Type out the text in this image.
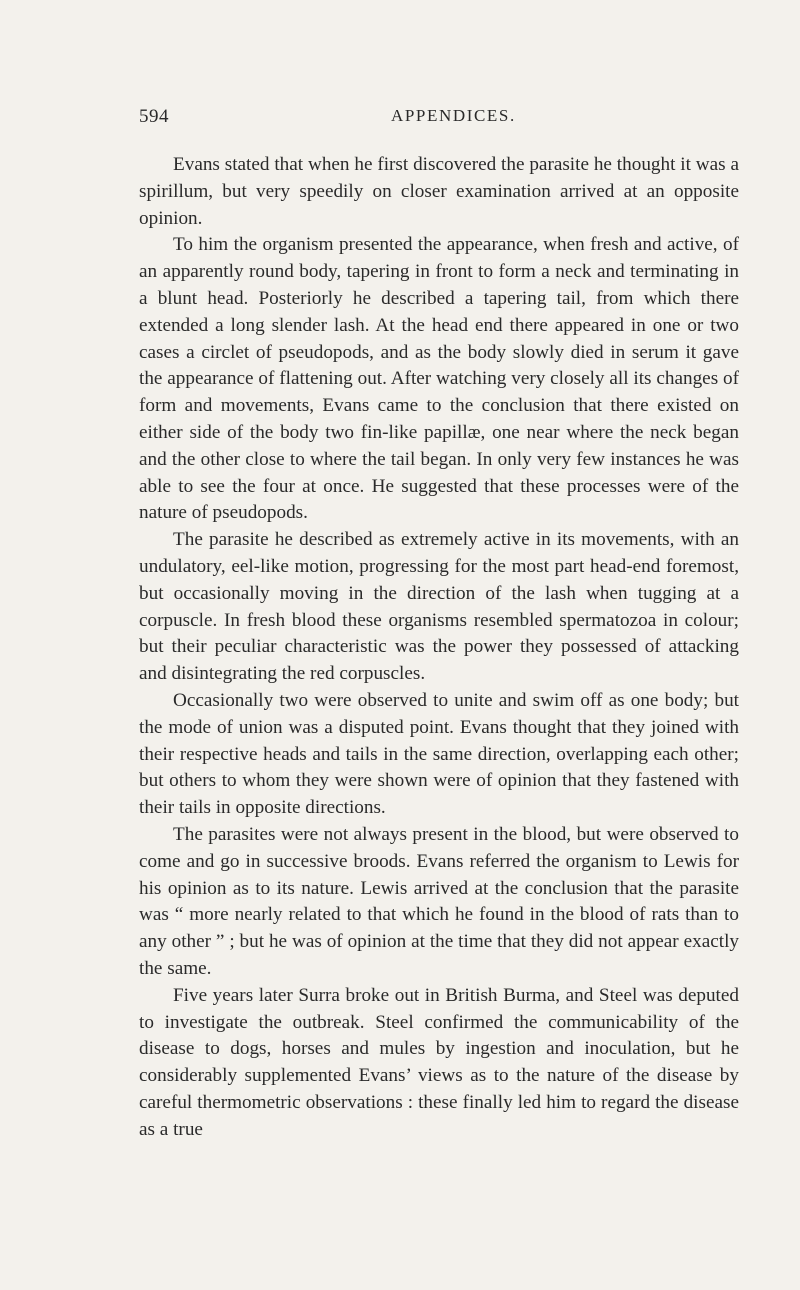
594	APPENDICES.

Evans stated that when he first discovered the parasite he thought it was a spirillum, but very speedily on closer examination arrived at an opposite opinion.

To him the organism presented the appearance, when fresh and active, of an apparently round body, tapering in front to form a neck and terminating in a blunt head. Posteriorly he described a tapering tail, from which there extended a long slender lash. At the head end there appeared in one or two cases a circlet of pseudopods, and as the body slowly died in serum it gave the appearance of flattening out. After watching very closely all its changes of form and movements, Evans came to the conclusion that there existed on either side of the body two fin-like papillæ, one near where the neck began and the other close to where the tail began. In only very few instances he was able to see the four at once. He suggested that these processes were of the nature of pseudopods.

The parasite he described as extremely active in its movements, with an undulatory, eel-like motion, progressing for the most part head-end foremost, but occasionally moving in the direction of the lash when tugging at a corpuscle. In fresh blood these organisms resembled spermatozoa in colour; but their peculiar characteristic was the power they possessed of attacking and disintegrating the red corpuscles.

Occasionally two were observed to unite and swim off as one body; but the mode of union was a disputed point. Evans thought that they joined with their respective heads and tails in the same direction, overlapping each other; but others to whom they were shown were of opinion that they fastened with their tails in opposite directions.

The parasites were not always present in the blood, but were observed to come and go in successive broods. Evans referred the organism to Lewis for his opinion as to its nature. Lewis arrived at the conclusion that the parasite was “ more nearly related to that which he found in the blood of rats than to any other ” ; but he was of opinion at the time that they did not appear exactly the same.

Five years later Surra broke out in British Burma, and Steel was deputed to investigate the outbreak. Steel confirmed the communicability of the disease to dogs, horses and mules by ingestion and inoculation, but he considerably supplemented Evans’ views as to the nature of the disease by careful thermometric observations : these finally led him to regard the disease as a true
